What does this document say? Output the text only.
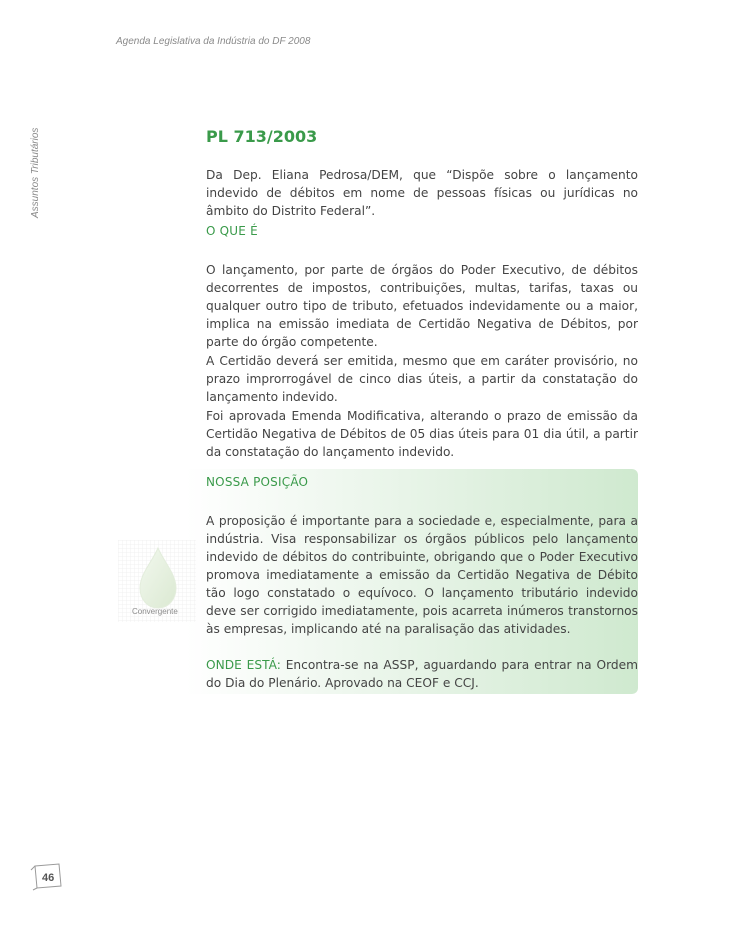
Agenda Legislativa da Indústria do DF 2008
Assuntos Tributários	PL 713/2003

Da Dep. Eliana Pedrosa/DEM, que “Dispõe sobre o lançamento indevido de débitos em nome de pessoas físicas ou jurídicas no âmbito do Distrito Federal”.

O QUE É

O lançamento, por parte de órgãos do Poder Executivo, de débitos decorrentes de impostos, contribuições, multas, tarifas, taxas ou qualquer outro tipo de tributo, efetuados indevidamente ou a maior, implica na emissão imediata de Certidão Negativa de Débitos, por parte do órgão competente.

A Certidão deverá ser emitida, mesmo que em caráter provisório, no prazo improrrogável de cinco dias úteis, a partir da constatação do lançamento indevido.

Foi aprovada Emenda Modificativa, alterando o prazo de emissão da Certidão Negativa de Débitos de 05 dias úteis para 01 dia útil, a partir da constatação do lançamento indevido.

Convergente
NOSSA POSIÇÃO

A proposição é importante para a sociedade e, especialmente, para a indústria. Visa responsabilizar os órgãos públicos pelo lançamento indevido de débitos do contribuinte, obrigando que o Poder Executivo promova imediatamente a emissão da Certidão Negativa de Débito tão logo constatado o equívoco. O lançamento tributário indevido deve ser corrigido imediatamente, pois acarreta inúmeros transtornos às empresas, implicando até na paralisação das atividades.

ONDE ESTÁ: Encontra-se na ASSP, aguardando para entrar na Ordem do Dia do Plenário. Aprovado na CEOF e CCJ.

46
